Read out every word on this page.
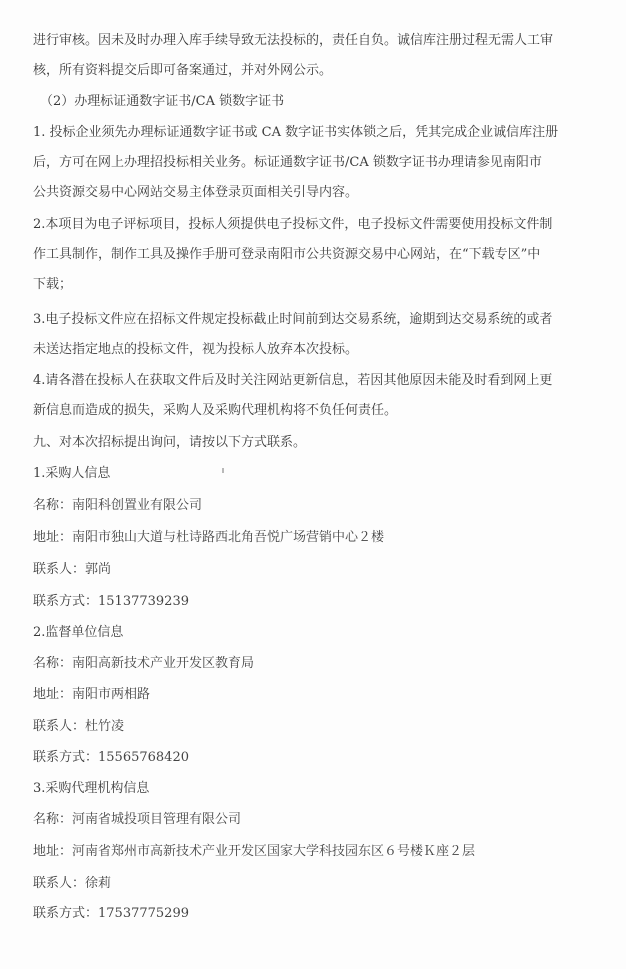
进行审核。因未及时办理入库手续导致无法投标的，责任自负。诚信库注册过程无需人工审
核，所有资料提交后即可备案通过，并对外网公示。
（2）办理标证通数字证书/CA 锁数字证书
1. 投标企业须先办理标证通数字证书或 CA 数字证书实体锁之后，凭其完成企业诚信库注册
后，方可在网上办理招投标相关业务。标证通数字证书/CA 锁数字证书办理请参见南阳市
公共资源交易中心网站交易主体登录页面相关引导内容。
2.本项目为电子评标项目，投标人须提供电子投标文件，电子投标文件需要使用投标文件制
作工具制作，制作工具及操作手册可登录南阳市公共资源交易中心网站，在“下载专区”中
下载；
3.电子投标文件应在招标文件规定投标截止时间前到达交易系统，逾期到达交易系统的或者
未送达指定地点的投标文件，视为投标人放弃本次投标。
4.请各潜在投标人在获取文件后及时关注网站更新信息，若因其他原因未能及时看到网上更
新信息而造成的损失，采购人及采购代理机构将不负任何责任。
九、对本次招标提出询问，请按以下方式联系。
1.采购人信息
名称：南阳科创置业有限公司
地址：南阳市独山大道与杜诗路西北角吾悦广场营销中心２楼
联系人：郭尚
联系方式：15137739239
2.监督单位信息
名称：南阳高新技术产业开发区教育局
地址：南阳市两相路
联系人：杜竹凌
联系方式：15565768420
3.采购代理机构信息
名称：河南省城投项目管理有限公司
地址：河南省郑州市高新技术产业开发区国家大学科技园东区６号楼Ｋ座２层
联系人：徐莉
联系方式：17537775299
